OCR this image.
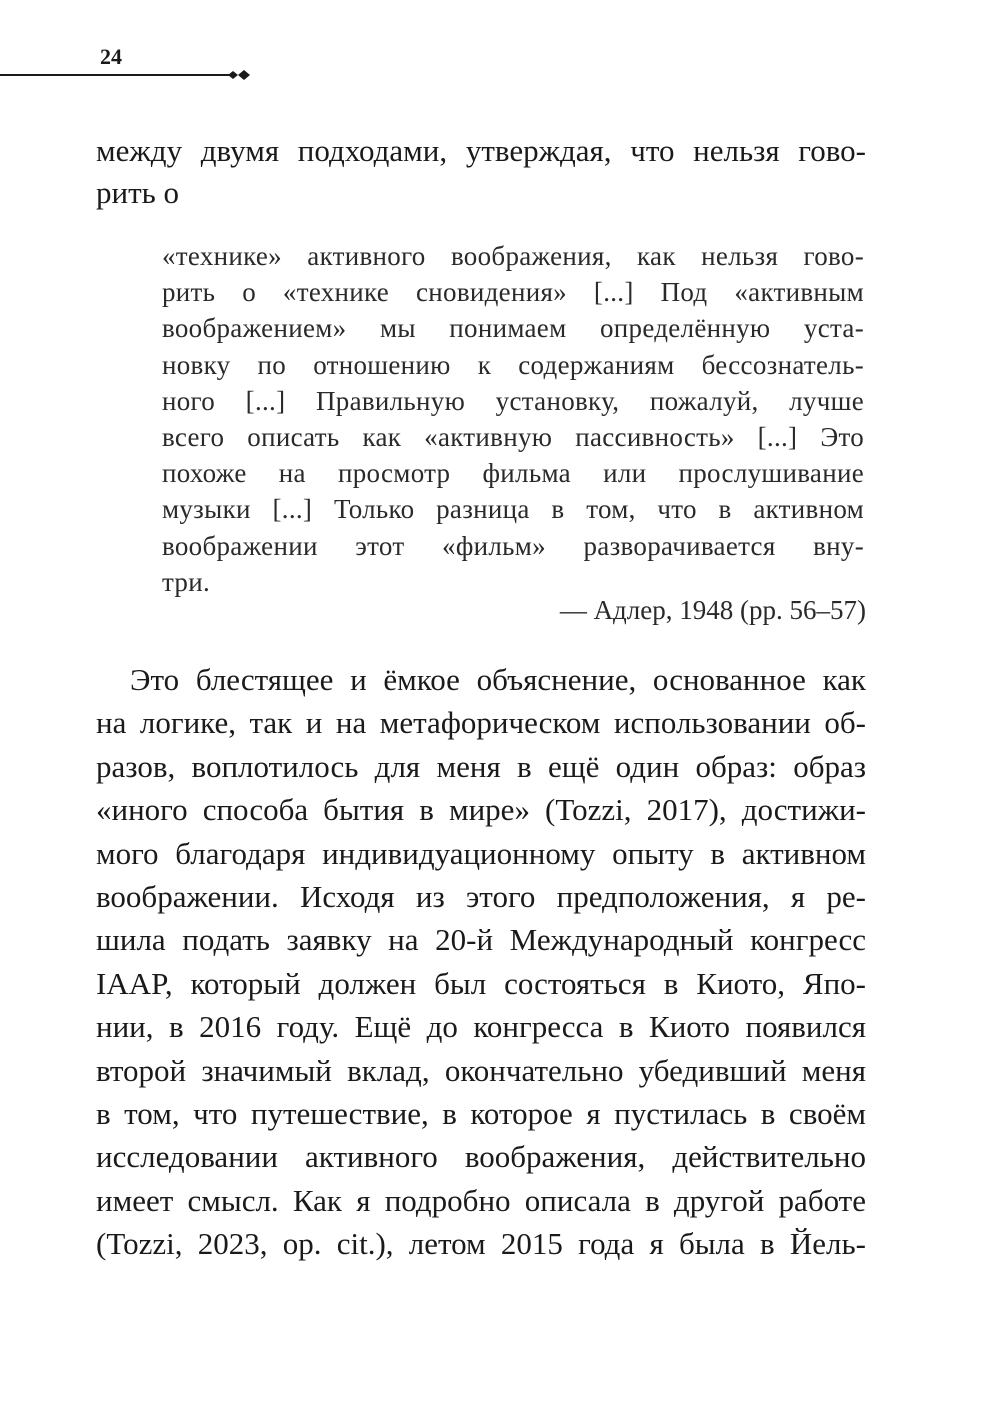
24
между двумя подходами, утверждая, что нельзя гово-
рить о
«технике» активного воображения, как нельзя гово-
рить о «технике сновидения» [...] Под «активным
воображением» мы понимаем определённую уста-
новку по отношению к содержаниям бессознатель-
ного [...] Правильную установку, пожалуй, лучше
всего описать как «активную пассивность» [...] Это
похоже на просмотр фильма или прослушивание
музыки [...] Только разница в том, что в активном
воображении этот «фильм» разворачивается вну-
три.
— Адлер, 1948 (pp. 56–57)
Это блестящее и ёмкое объяснение, основанное как
на логике, так и на метафорическом использовании об-
разов, воплотилось для меня в ещё один образ: образ
«иного способа бытия в мире» (Tozzi, 2017), достижи-
мого благодаря индивидуационному опыту в активном
воображении. Исходя из этого предположения, я ре-
шила подать заявку на 20-й Международный конгресс
IAAP, который должен был состояться в Киото, Япо-
нии, в 2016 году. Ещё до конгресса в Киото появился
второй значимый вклад, окончательно убедивший меня
в том, что путешествие, в которое я пустилась в своём
исследовании активного воображения, действительно
имеет смысл. Как я подробно описала в другой работе
(Tozzi, 2023, op. cit.), летом 2015 года я была в Йель-
